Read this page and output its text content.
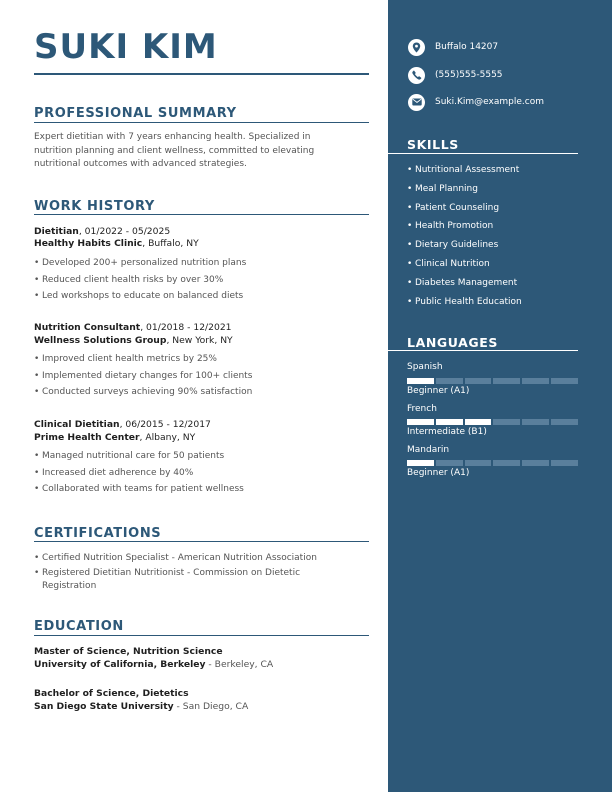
SUKI KIM
PROFESSIONAL SUMMARY
Expert dietitian with 7 years enhancing health. Specialized in
nutrition planning and client wellness, committed to elevating
nutritional outcomes with advanced strategies.
WORK HISTORY
Dietitian, 01/2022 - 05/2025
Healthy Habits Clinic, Buffalo, NY
• Developed 200+ personalized nutrition plans
• Reduced client health risks by over 30%
• Led workshops to educate on balanced diets
Nutrition Consultant, 01/2018 - 12/2021
Wellness Solutions Group, New York, NY
• Improved client health metrics by 25%
• Implemented dietary changes for 100+ clients
• Conducted surveys achieving 90% satisfaction
Clinical Dietitian, 06/2015 - 12/2017
Prime Health Center, Albany, NY
• Managed nutritional care for 50 patients
• Increased diet adherence by 40%
• Collaborated with teams for patient wellness
CERTIFICATIONS
• Certified Nutrition Specialist - American Nutrition Association
• Registered Dietitian Nutritionist - Commission on Dietetic Registration
EDUCATION
Master of Science, Nutrition Science
University of California, Berkeley - Berkeley, CA
Bachelor of Science, Dietetics
San Diego State University - San Diego, CA
Buffalo 14207
(555)555-5555
Suki.Kim@example.com
SKILLS
• Nutritional Assessment
• Meal Planning
• Patient Counseling
• Health Promotion
• Dietary Guidelines
• Clinical Nutrition
• Diabetes Management
• Public Health Education
LANGUAGES
Spanish
Beginner (A1)
French
Intermediate (B1)
Mandarin
Beginner (A1)
